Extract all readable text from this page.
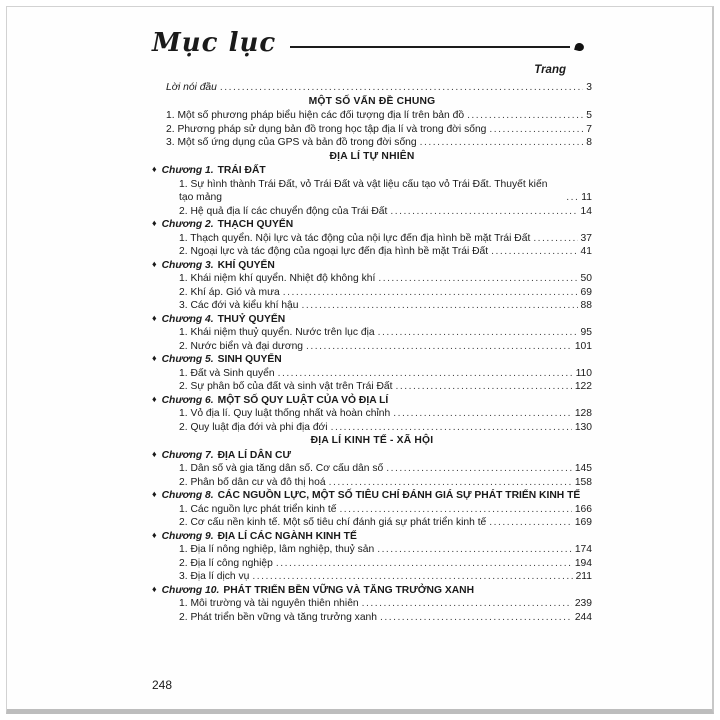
Mục lục
Trang
Lời nói đầu .....	3
MỘT SỐ VẤN ĐỀ CHUNG
1. Một số phương pháp biểu hiện các đối tượng địa lí trên bản đồ .....	5
2. Phương pháp sử dụng bản đồ trong học tập địa lí và trong đời sống .....	7
3. Một số ứng dụng của GPS và bản đồ trong đời sống .....	8
ĐỊA LÍ TỰ NHIÊN
♦ Chương 1. TRÁI ĐẤT
1. Sự hình thành Trái Đất, vỏ Trái Đất và vật liệu cấu tạo vỏ Trái Đất. Thuyết kiến tạo mảng .....	11
2. Hệ quả địa lí các chuyển động của Trái Đất .....	14
♦ Chương 2. THẠCH QUYỂN
1. Thạch quyển. Nội lực và tác động của nội lực đến địa hình bề mặt Trái Đất .....	37
2. Ngoại lực và tác động của ngoại lực đến địa hình bề mặt Trái Đất .....	41
♦ Chương 3. KHÍ QUYỂN
1. Khái niệm khí quyển. Nhiệt độ không khí .....	50
2. Khí áp. Gió và mưa .....	69
3. Các đới và kiểu khí hậu .....	88
♦ Chương 4. THUỶ QUYỂN
1. Khái niệm thuỷ quyển. Nước trên lục địa .....	95
2. Nước biển và đại dương .....	101
♦ Chương 5. SINH QUYỂN
1. Đất và Sinh quyển .....	110
2. Sự phân bố của đất và sinh vật trên Trái Đất .....	122
♦ Chương 6. MỘT SỐ QUY LUẬT CỦA VỎ ĐỊA LÍ
1. Vỏ địa lí. Quy luật thống nhất và hoàn chỉnh .....	128
2. Quy luật địa đới và phi địa đới .....	130
ĐỊA LÍ KINH TẾ - XÃ HỘI
♦ Chương 7. ĐỊA LÍ DÂN CƯ
1. Dân số và gia tăng dân số. Cơ cấu dân số .....	145
2. Phân bố dân cư và đô thị hoá .....	158
♦ Chương 8. CÁC NGUỒN LỰC, MỘT SỐ TIÊU CHÍ ĐÁNH GIÁ SỰ PHÁT TRIỂN KINH TẾ
1. Các nguồn lực phát triển kinh tế .....	166
2. Cơ cấu nền kinh tế. Một số tiêu chí đánh giá sự phát triển kinh tế .....	169
♦ Chương 9. ĐỊA LÍ CÁC NGÀNH KINH TẾ
1. Địa lí nông nghiệp, lâm nghiệp, thuỷ sản .....	174
2. Địa lí công nghiệp .....	194
3. Địa lí dịch vụ .....	211
♦ Chương 10. PHÁT TRIỂN BỀN VỮNG VÀ TĂNG TRƯỞNG XANH
1. Môi trường và tài nguyên thiên nhiên .....	239
2. Phát triển bền vững và tăng trưởng xanh .....	244
248
